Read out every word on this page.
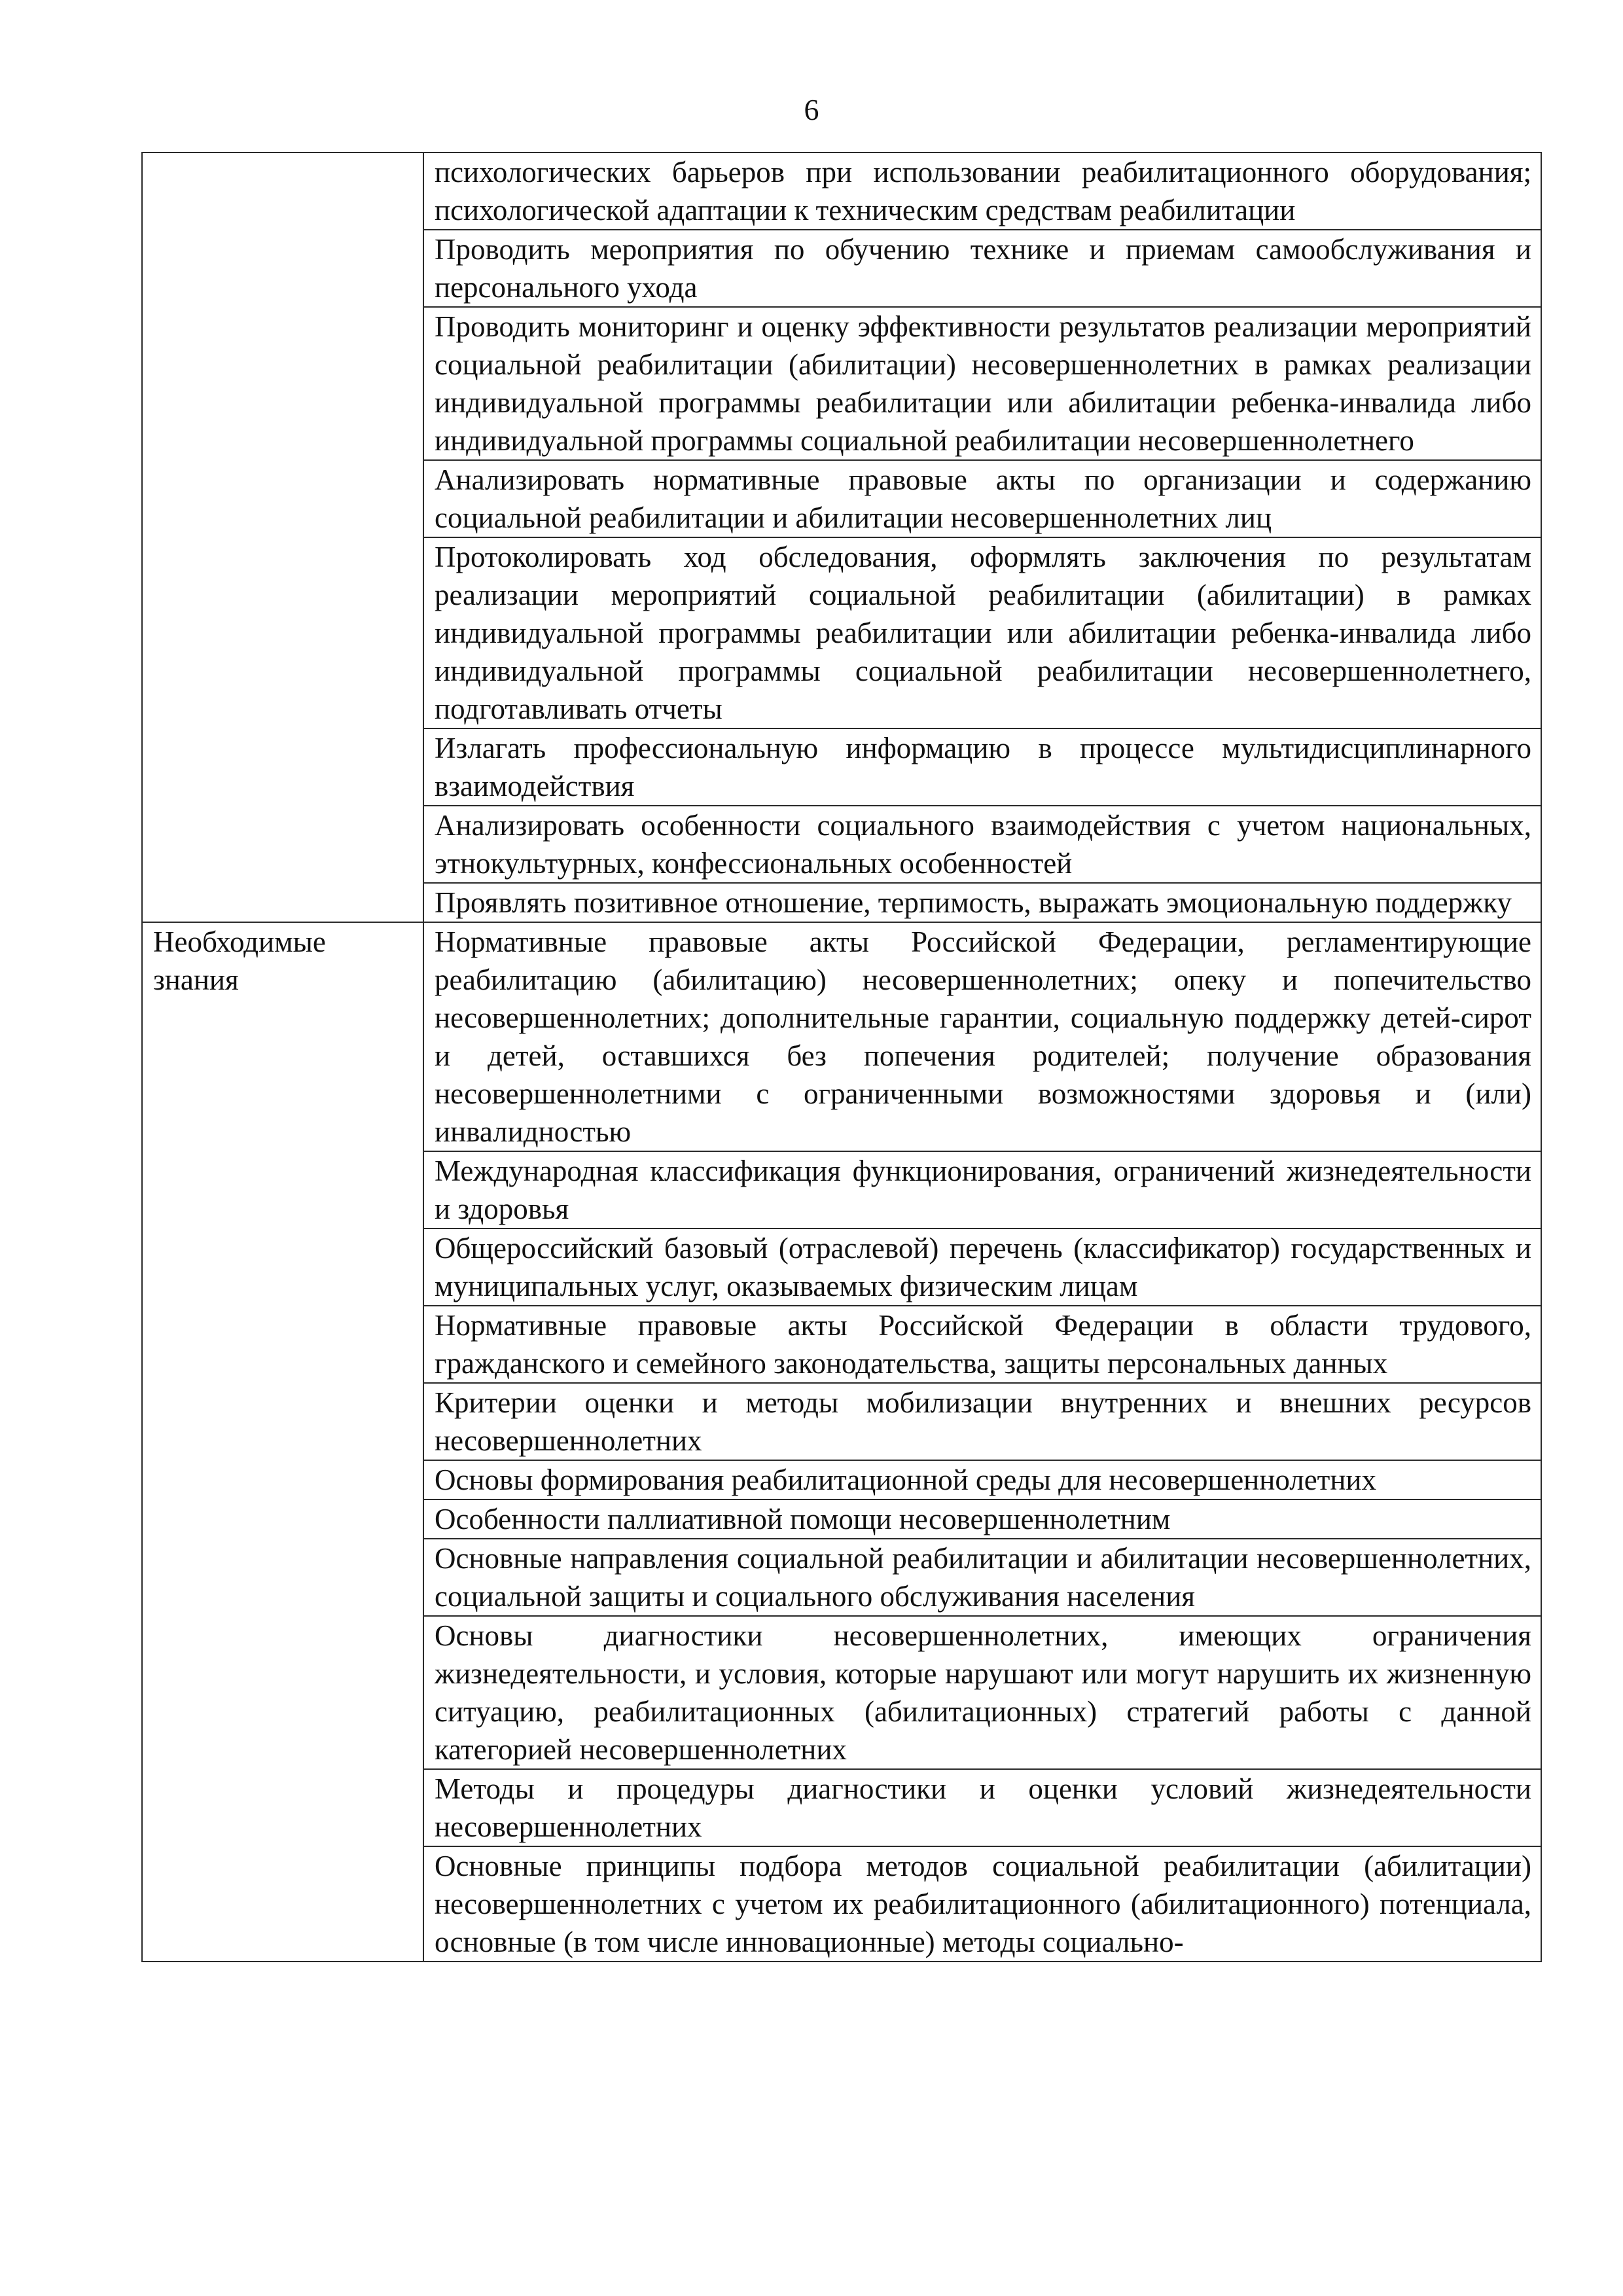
6
	психологических барьеров при использовании реабилитационного оборудования; психологической адаптации к техническим средствам реабилитации
	Проводить мероприятия по обучению технике и приемам самообслуживания и персонального ухода
	Проводить мониторинг и оценку эффективности результатов реализации мероприятий социальной реабилитации (абилитации) несовершеннолетних в рамках реализации индивидуальной программы реабилитации или абилитации ребенка-инвалида либо индивидуальной программы социальной реабилитации несовершеннолетнего
	Анализировать нормативные правовые акты по организации и содержанию социальной реабилитации и абилитации несовершеннолетних лиц
	Протоколировать ход обследования, оформлять заключения по результатам реализации мероприятий социальной реабилитации (абилитации) в рамках индивидуальной программы реабилитации или абилитации ребенка-инвалида либо индивидуальной программы социальной реабилитации несовершеннолетнего, подготавливать отчеты
	Излагать профессиональную информацию в процессе мультидисциплинарного взаимодействия
	Анализировать особенности социального взаимодействия с учетом национальных, этнокультурных, конфессиональных особенностей
	Проявлять позитивное отношение, терпимость, выражать эмоциональную поддержку
Необходимые знания	Нормативные правовые акты Российской Федерации, регламентирующие реабилитацию (абилитацию) несовершеннолетних; опеку и попечительство несовершеннолетних; дополнительные гарантии, социальную поддержку детей-сирот и детей, оставшихся без попечения родителей; получение образования несовершеннолетними с ограниченными возможностями здоровья и (или) инвалидностью
	Международная классификация функционирования, ограничений жизнедеятельности и здоровья
	Общероссийский базовый (отраслевой) перечень (классификатор) государственных и муниципальных услуг, оказываемых физическим лицам
	Нормативные правовые акты Российской Федерации в области трудового, гражданского и семейного законодательства, защиты персональных данных
	Критерии оценки и методы мобилизации внутренних и внешних ресурсов несовершеннолетних
	Основы формирования реабилитационной среды для несовершеннолетних
	Особенности паллиативной помощи несовершеннолетним
	Основные направления социальной реабилитации и абилитации несовершеннолетних, социальной защиты и социального обслуживания населения
	Основы диагностики несовершеннолетних, имеющих ограничения жизнедеятельности, и условия, которые нарушают или могут нарушить их жизненную ситуацию, реабилитационных (абилитационных) стратегий работы с данной категорией несовершеннолетних
	Методы и процедуры диагностики и оценки условий жизнедеятельности несовершеннолетних
	Основные принципы подбора методов социальной реабилитации (абилитации) несовершеннолетних с учетом их реабилитационного (абилитационного) потенциала, основные (в том числе инновационные) методы социально-
